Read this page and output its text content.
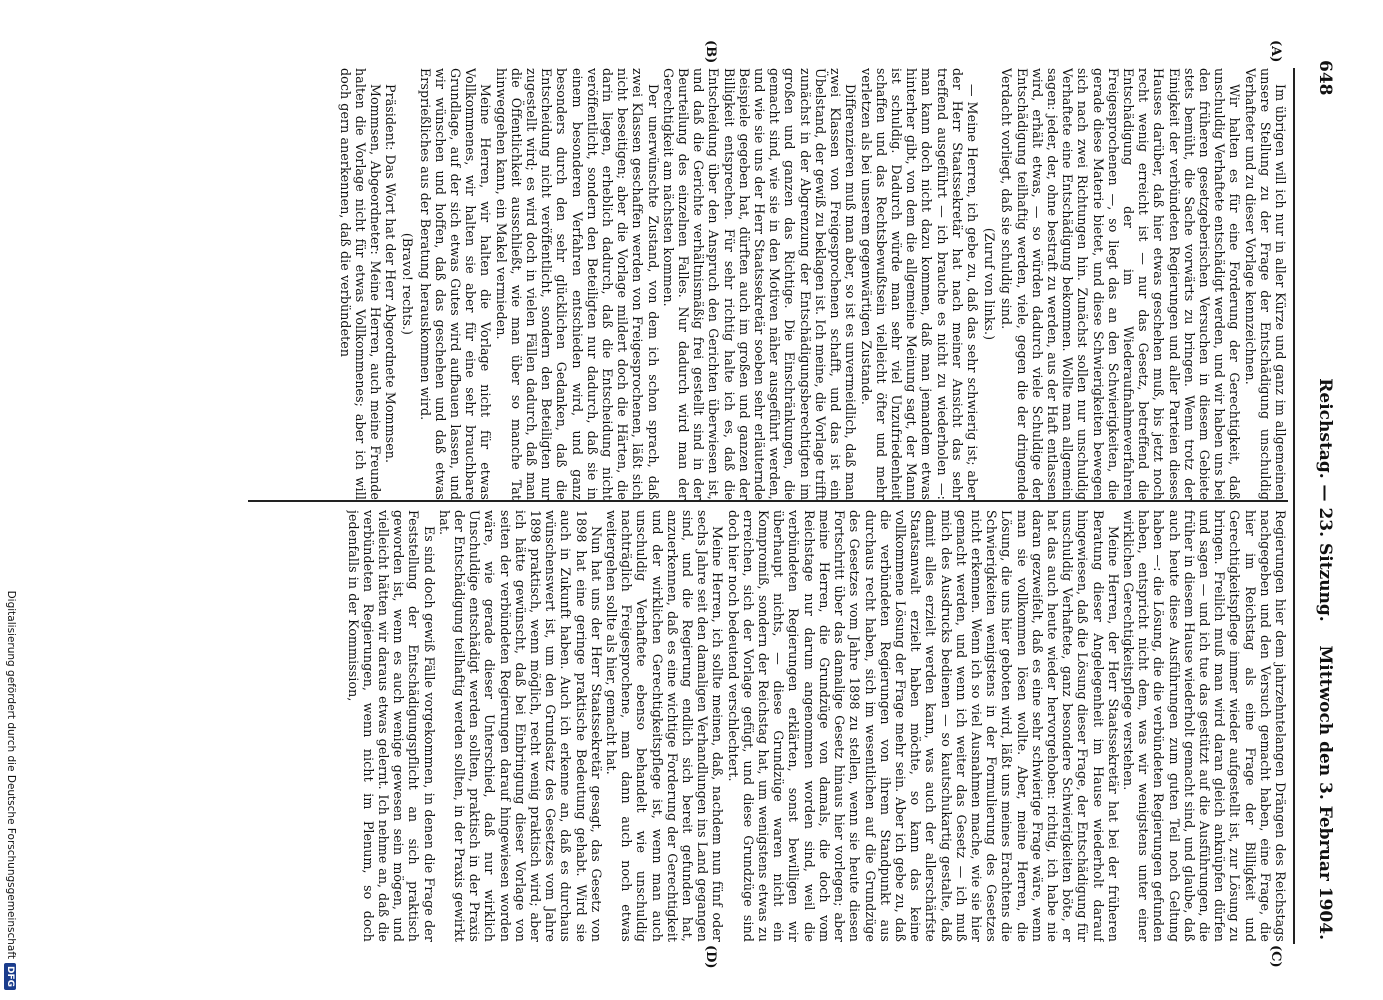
648
Reichstag. — 23. Sitzung.
Mittwoch den 3. Februar 1904.
(A)
(B)
(C)
(D)

Im übrigen will ich nur in aller Kürze und ganz im allgemeinen unsere Stellung zu der Frage der Entschädigung unschuldig Verhafteter und zu dieser Vorlage kennzeichnen.

Wir halten es für eine Forderung der Gerechtigkeit, daß unschuldig Verhaftete entschädigt werden, und wir haben uns bei den früheren gesetzgeberischen Versuchen in diesem Gebiete stets bemüht, die Sache vorwärts zu bringen. Wenn trotz der Einigkeit der verbündeten Regierungen und aller Parteien dieses Hauses darüber, daß hier etwas geschehen muß, bis jetzt noch recht wenig erreicht ist — nur das Gesetz, betreffend die Entschädigung der im Wiederaufnahmeverfahren Freigesprochenen —, so liegt das an den Schwierigkeiten, die gerade diese Materie bietet, und diese Schwierigkeiten bewegen sich nach zwei Richtungen hin. Zunächst sollen nur unschuldig Verhaftete eine Entschädigung bekommen. Wollte man allgemein sagen: jeder, der, ohne bestraft zu werden, aus der Haft entlassen wird, erhält etwas, — so würden dadurch viele Schuldige der Entschädigung teilhaftig werden, viele, gegen die der dringende Verdacht vorliegt, daß sie schuldig sind.

(Zuruf von links.)

— Meine Herren, ich gebe zu, daß das sehr schwierig ist; aber der Herr Staatssekretär hat nach meiner Ansicht das sehr treffend ausgeführt — ich brauche es nicht zu wiederholen —: man kann doch nicht dazu kommen, daß man jemandem etwas hinterher gibt, von dem die allgemeine Meinung sagt, der Mann ist schuldig. Dadurch würde man sehr viel Unzufriedenheit schaffen und das Rechtsbewußtsein vielleicht öfter und mehr verletzen als bei unserem gegenwärtigen Zustande.

Differenzieren muß man aber, so ist es unvermeidlich, daß man zwei Klassen von Freigesprochenen schafft, und das ist ein Übelstand, der gewiß zu beklagen ist. Ich meine, die Vorlage trifft zunächst in der Abgrenzung der Entschädigungsberechtigten im großen und ganzen das Richtige. Die Einschränkungen, die gemacht sind, wie sie in den Motiven näher ausgeführt werden, und wie sie uns der Herr Staatssekretär soeben sehr erläuternde Beispiele gegeben hat, dürften auch im großen und ganzen der Billigkeit entsprechen. Für sehr richtig halte ich es, daß die Entscheidung über den Anspruch den Gerichten überwiesen ist, und daß die Gerichte verhältnismäßig frei gestellt sind in der Beurteilung des einzelnen Falles. Nur dadurch wird man der Gerechtigkeit am nächsten kommen.

Der unerwünschte Zustand, von dem ich schon sprach, daß zwei Klassen geschaffen werden von Freigesprochenen, läßt sich nicht beseitigen; aber die Vorlage mildert doch die Härten, die darin liegen, erheblich dadurch, daß die Entscheidung nicht veröffentlicht, sondern den Beteiligten nur dadurch, daß sie in einem besonderen Verfahren entschieden wird, und ganz besonders durch den sehr glücklichen Gedanken, daß die Entscheidung nicht veröffentlicht, sondern den Beteiligten nur zugestellt wird; es wird doch in vielen Fällen dadurch, daß man die Öffentlichkeit ausschließt, wie man über so manche Tat hinweggehen kann, ein Makel vermieden.

Meine Herren, wir halten die Vorlage nicht für etwas Vollkommenes, wir halten sie aber für eine sehr brauchbare Grundlage, auf der sich etwas Gutes wird aufbauen lassen, und wir wünschen und hoffen, daß das geschehen und daß etwas Ersprießliches aus der Beratung herauskommen wird.

(Bravo! rechts.)

Präsident: Das Wort hat der Herr Abgeordnete Mommsen.

Mommsen, Abgeordneter: Meine Herren, auch meine Freunde halten die Vorlage nicht für etwas Vollkommenes; aber ich will doch gern anerkennen, daß die verbündeten

Regierungen hier dem jahrzehntelangen Drängen des Reichstags nachgegeben und den Versuch gemacht haben, eine Frage, die hier im Reichstag als eine Frage der Billigkeit und Gerechtigkeitspflege immer wieder aufgestellt ist, zur Lösung zu bringen. Freilich muß man wird daran gleich anknüpfen dürfen und sagen — und ich tue das gestützt auf die Ausführungen, die früher in diesem Hause wiederholt gemacht sind, und glaube, daß auch heute diese Ausführungen zum guten Teil noch Geltung haben —: die Lösung, die die verbündeten Regierungen gefunden haben, entspricht nicht dem, was wir wenigstens unter einer wirklichen Gerechtigkeitspflege verstehen.

Meine Herren, der Herr Staatssekretär hat bei der früheren Beratung dieser Angelegenheit im Hause wiederholt darauf hingewiesen, daß die Lösung dieser Frage, der Entschädigung für unschuldig Verhaftete, ganz besondere Schwierigkeiten böte, er hat das auch heute wieder hervorgehoben: richtig, ich habe nie daran gezweifelt, daß es eine sehr schwierige Frage wäre, wenn man sie vollkommen lösen wollte. Aber, meine Herren, die Lösung, die uns hier geboten wird, läßt uns meines Erachtens die Schwierigkeiten wenigstens in der Formulierung des Gesetzes nicht erkennen. Wenn ich so viel Ausnahmen mache, wie sie hier gemacht werden, und wenn ich weiter das Gesetz — ich muß mich des Ausdrucks bedienen — so kautschukartig gestalte, daß damit alles erzielt werden kann, was auch der allerschärfste Staatsanwalt erzielt haben möchte, so kann das keine vollkommene Lösung der Frage mehr sein. Aber ich gebe zu, daß die verbündeten Regierungen von ihrem Standpunkt aus durchaus recht haben, sich im wesentlichen auf die Grundzüge des Gesetzes vom Jahre 1898 zu stellen, wenn sie heute diesen Fortschritt über das damalige Gesetz hinaus hier vorlegen; aber meine Herren, die Grundzüge von damals, die doch vom Reichstage nur darum angenommen worden sind, weil die verbündeten Regierungen erklärten, sonst bewilligen wir überhaupt nichts, — diese Grundzüge waren nicht ein Kompromiß, sondern der Reichstag hat, um wenigstens etwas zu erreichen, sich der Vorlage gefügt, und diese Grundzüge sind doch hier noch bedeutend verschlechtert.

Meine Herren, ich sollte meinen, daß, nachdem nun fünf oder sechs Jahre seit den damaligen Verhandlungen ins Land gegangen sind, und die Regierung endlich sich bereit gefunden hat, anzuerkennen, daß es eine wichtige Forderung der Gerechtigkeit und der wirklichen Gerechtigkeitspflege ist, wenn man auch unschuldig Verhaftete ebenso behandelt wie unschuldig nachträglich Freigesprochene, man dann auch noch etwas weitergehen sollte als hier, gemacht hat.

Nun hat uns der Herr Staatssekretär gesagt, das Gesetz von 1898 hat eine geringe praktische Bedeutung gehabt. Wird sie auch in Zukunft haben. Auch ich erkenne an, daß es durchaus wünschenswert ist, um den Grundsatz des Gesetzes vom Jahre 1898 praktisch, wenn möglich, recht wenig praktisch wird; aber ich hätte gewünscht, daß bei Einbringung dieser Vorlage von seiten der verbündeten Regierungen darauf hingewiesen worden wäre, wie gerade dieser Unterschied, daß nur wirklich Unschuldige entschädigt werden sollten, praktisch in der Praxis der Entschädigung teilhaftig werden sollten, in der Praxis gewirkt hat.

Es sind doch gewiß Fälle vorgekommen, in denen die Frage der Feststellung der Entschädigungspflicht an sich praktisch geworden ist, wenn es auch wenige gewesen sein mögen, und vielleicht hätten wir daraus etwas gelernt. Ich nehme an, daß die verbündeten Regierungen, wenn nicht im Plenum, so doch jedenfalls in der Kommission,

Digitalisierung gefördert durch die Deutsche ForschungsgemeinschaftDFG
